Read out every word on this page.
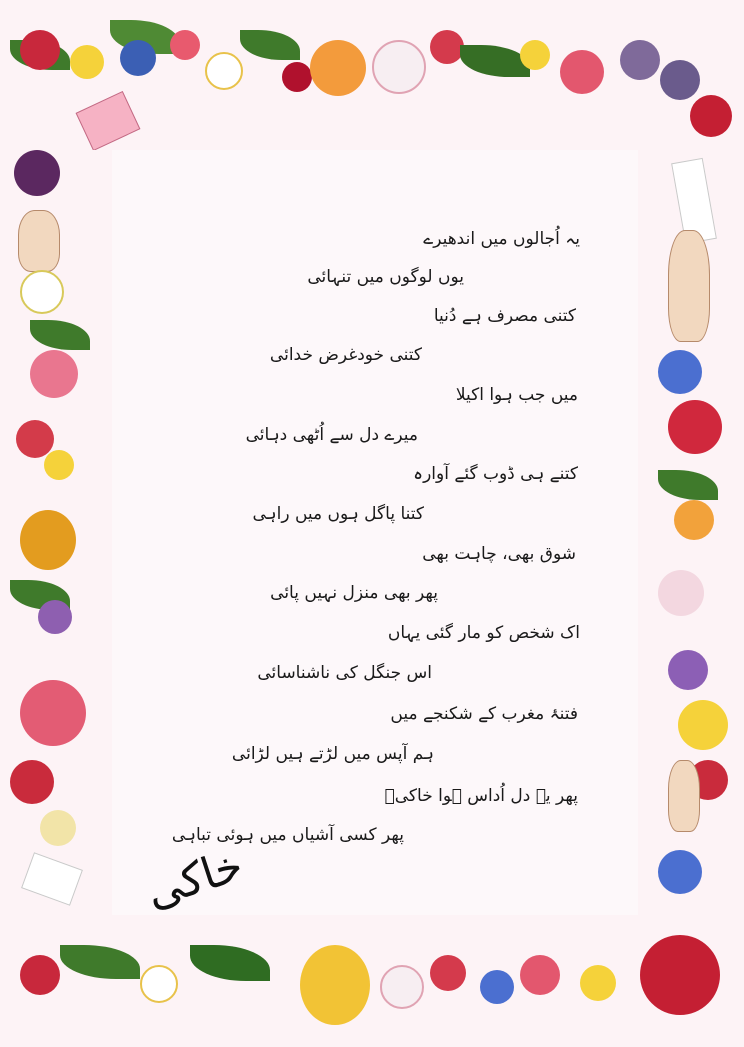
یہ اُجالوں میں اندھیرے
یوں لوگوں میں تنہائی
کتنی مصرف ہے دُنیا
کتنی خودغرض خدائی
میں جب ہوا اکیلا
میرے دل سے اُٹھی دہائی
کتنے ہی ڈوب گئے آوارہ
کتنا پاگل ہوں میں راہی
شوق بھی، چاہت بھی
پھر بھی منزل نہیں پائی
اک شخص کو مار گئی یہاں
اس جنگل کی ناشناسائی
فتنۂ مغرب کے شکنجے میں
ہم آپس میں لڑتے ہیں لڑائی
پھر یہ دل اُداس ہوا خاکیؔ
پھر کسی آشیاں میں ہوئی تباہی
خاکی
